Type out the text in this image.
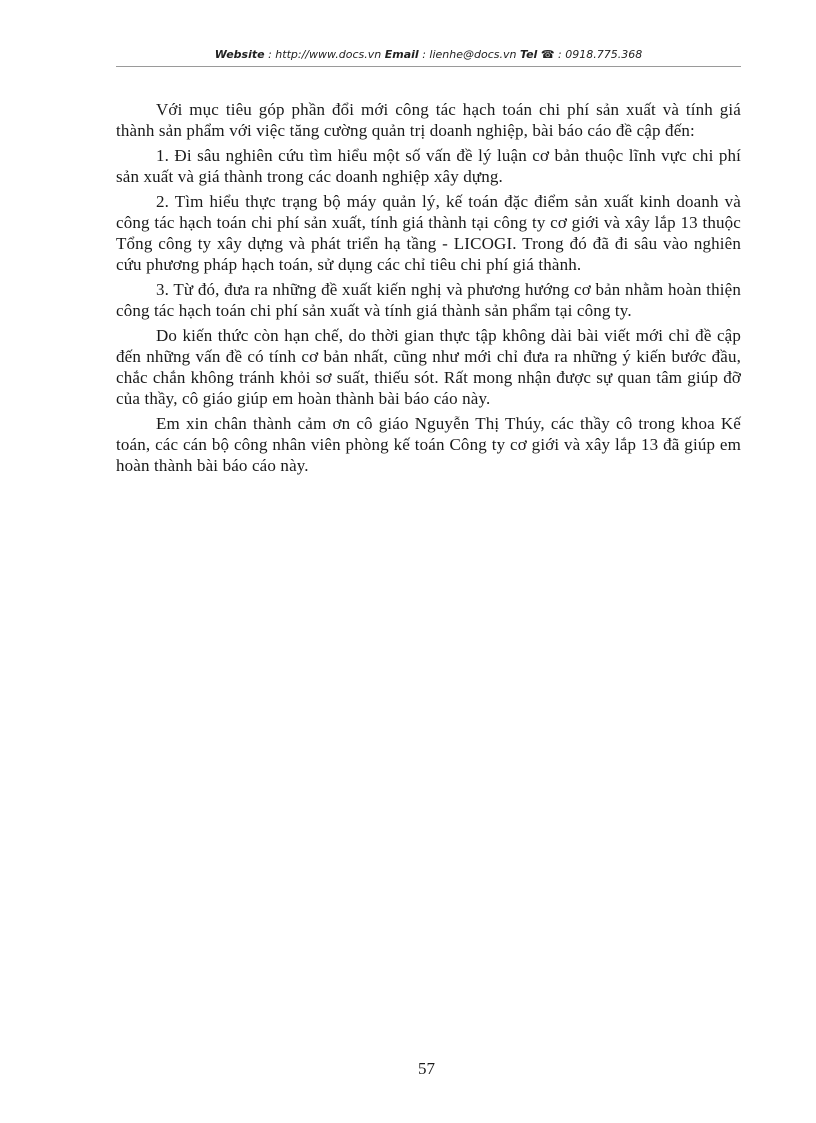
Website : http://www.docs.vn Email : lienhe@docs.vn Tel ☎ : 0918.775.368

Với mục tiêu góp phần đổi mới công tác hạch toán chi phí sản xuất và tính giá thành sản phẩm với việc tăng cường quản trị doanh nghiệp, bài báo cáo đề cập đến:

1. Đi sâu nghiên cứu tìm hiểu một số vấn đề lý luận cơ bản thuộc lĩnh vực chi phí sản xuất và giá thành trong các doanh nghiệp xây dựng.

2. Tìm hiểu thực trạng bộ máy quản lý, kế toán đặc điểm sản xuất kinh doanh và công tác hạch toán chi phí sản xuất, tính giá thành tại công ty cơ giới và xây lắp 13 thuộc Tổng công ty xây dựng và phát triển hạ tầng - LICOGI. Trong đó đã đi sâu vào nghiên cứu phương pháp hạch toán, sử dụng các chỉ tiêu chi phí giá thành.

3. Từ đó, đưa ra những đề xuất kiến nghị và phương hướng cơ bản nhằm hoàn thiện công tác hạch toán chi phí sản xuất và tính giá thành sản phẩm tại công ty.

Do kiến thức còn hạn chế, do thời gian thực tập không dài bài viết mới chỉ đề cập đến những vấn đề có tính cơ bản nhất, cũng như mới chỉ đưa ra những ý kiến bước đầu, chắc chắn không tránh khỏi sơ suất, thiếu sót. Rất mong nhận được sự quan tâm giúp đỡ của thầy, cô giáo giúp em hoàn thành bài báo cáo này.

Em xin chân thành cảm ơn cô giáo Nguyễn Thị Thúy, các thầy cô trong khoa Kế toán, các cán bộ công nhân viên phòng kế toán Công ty cơ giới và xây lắp 13 đã giúp em hoàn thành bài báo cáo này.

57
